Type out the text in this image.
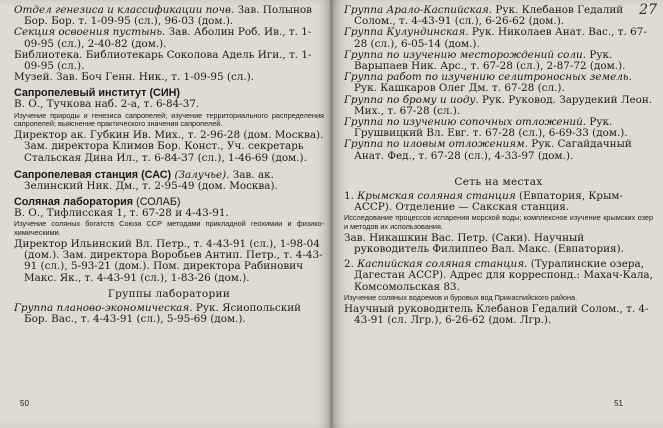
Отдел генезиса и классификации почв. Зав. Полынов Бор. Бор. т. 1-09-95 (сл.), 96-03 (дом.).

Секция освоения пустынь. Зав. Аболин Роб. Ив., т. 1-09-95 (сл.), 2-40-82 (дом.).

Библиотека. Библиотекарь Соколова Адель Иги., т. 1-09-95 (сл.).

Музей. Зав. Боч Генн. Ник., т. 1-09-95 (сл.).

Сапропелевый институт (СИН)

В. О., Тучкова наб. 2-а, т. 6-84-37.

Изучение природы и генезиса сапропелей; изучение территориального распределения сапропелей; выяснение практического значения сапропелей.

Директор ак. Губкин Ив. Мих., т. 2-96-28 (дом. Москва). Зам. директора Климов Бор. Конст., Уч. секретарь Стальская Дина Ил., т. 6-84-37 (сл.), 1-46-69 (дом.).

Сапропелевая станция (САС) (Залучье). Зав. ак. Зелинский Ник. Дм., т. 2-95-49 (дом. Москва).

Соляная лаборатория (СОЛАБ)

В. О., Тифлисская 1, т. 67-28 и 4-43-91.

Изучение соляных богатств Союза ССР методами прикладной геохимии и физико-химическими.

Директор Ильинский Вл. Петр., т. 4-43-91 (сл.), 1-98-04 (дом.). Зам. директора Воробьев Антип. Петр., т. 4-43-91 (сл.), 5-93-21 (дом.). Пом. директора Рабинович Макс. Як., т. 4-43-91 (сл.), 1-83-26 (дом.).

Группы лаборатории

Группа планово-экономическая. Рук. Ясиопольский Бор. Вас., т. 4-43-91 (сл.), 5-95-69 (дом.).

50
27

Группа Арало-Каспийская. Рук. Клебанов Гедалий Солом., т. 4-43-91 (сл.), 6-26-62 (дом.).

Группа Кулундинская. Рук. Николаев Анат. Вас., т. 67-28 (сл.), 6-05-14 (дом.).

Группа по изучению месторождений соли. Рук. Варыпаев Ник. Арс., т. 67-28 (сл.), 2-87-72 (дом.).

Группа работ по изучению селитроносных земель. Рук. Кашкаров Олег Дм. т. 67-28 (сл.).

Группа по брому и иоду. Рук. Руковод. Зарудекий Леон. Мих., т. 67-28 (сл.).

Группа по изучению сопочных отложений. Рук. Грушвицкий Вл. Евг. т. 67-28 (сл.), 6-69-33 (дом.).

Группа по иловым отложениям. Рук. Сагайдачный Анат. Фед., т. 67-28 (сл.), 4-33-97 (дом.).

Сеть на местах

1. Крымская соляная станция (Евпатория, Крым-АССР). Отделение — Сакская станция.

Исследование процессов испарения морской воды; комплексное изучение крымских озер и методов их использования.

Зав. Никашкин Вас. Петр. (Саки). Научный руководитель Филиппео Вал. Макс. (Евпатория).

2. Каспийская соляная станция. (Туралинские озера, Дагестан АССР). Адрес для корреспонд.: Махач-Кала, Комсомольская 83.

Изучение соляных водоемов и буровых вод Прикаспийского района.

Научный руководитель Клебанов Гедалий Солом., т. 4-43-91 (сл. Лгр.), 6-26-62 (дом. Лгр.).

51
